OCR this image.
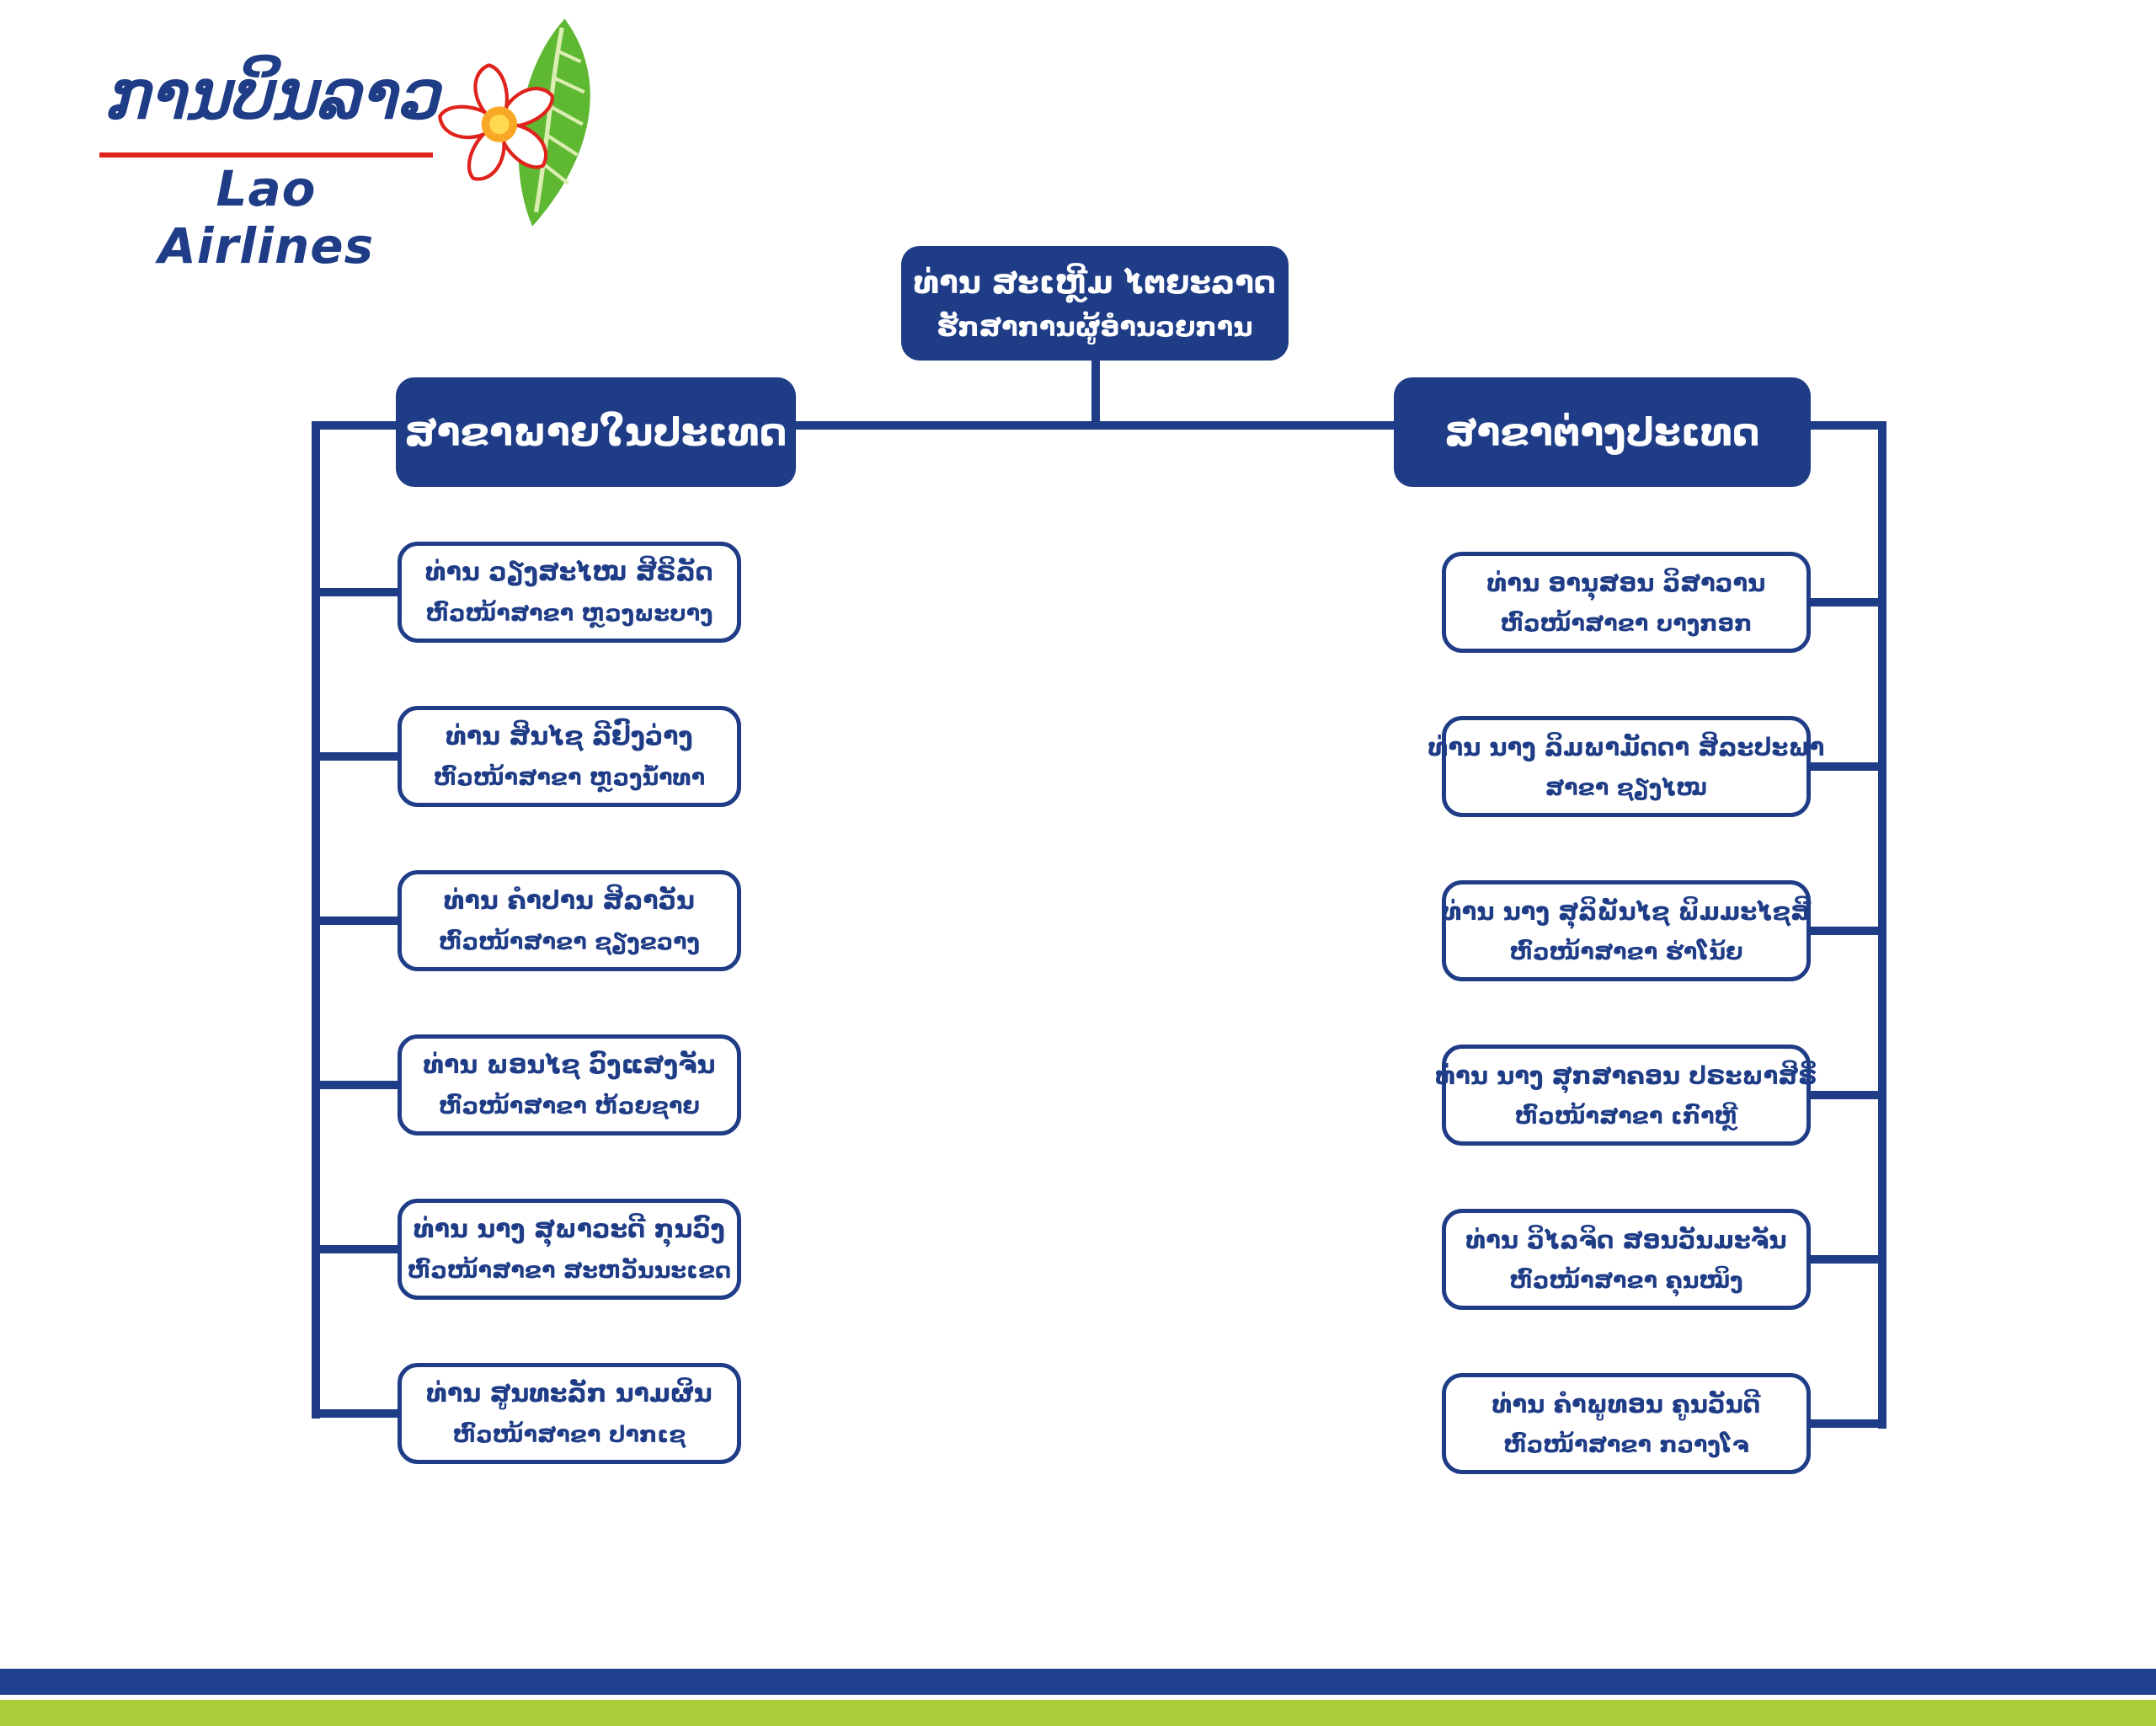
ການບິນລາວ
Lao Airlines
ທ່ານ ສະເຫຼີມ ໄຕຍະລາດ
ຮັກສາການຜູ້ອຳນວຍການ
ສາຂາພາຍໃນປະເທດ	ສາຂາຕ່າງປະເທດ
ທ່ານ ວຽງສະໄໝ ສີຣິລັດ
ຫົວໜ້າສາຂາ ຫຼວງພະບາງ
ທ່ານ ສິນໄຊ ລີຢົງວ່າງ
ຫົວໜ້າສາຂາ ຫຼວງນໍ້າທາ
ທ່ານ ຄຳປານ ສິລາວັນ
ຫົວໜ້າສາຂາ ຊຽງຂວາງ
ທ່ານ ພອນໄຊ ວົງແສງຈັນ
ຫົວໜ້າສາຂາ ຫ້ວຍຊາຍ
ທ່ານ ນາງ ສຸພາວະດີ ກຸນວົງ
ຫົວໜ້າສາຂາ ສະຫວັນນະເຂດ
ທ່ານ ສູນທະລັກ ນາມຜິນ
ຫົວໜ້າສາຂາ ປາກເຊ
ທ່ານ ອານຸສອນ ວິສາວານ
ຫົວໜ້າສາຂາ ບາງກອກ
ທ່ານ ນາງ ລິມພາມັດດາ ສິລະປະພາ
ສາຂາ ຊຽງໄໝ
ທ່ານ ນາງ ສຸລິພັນໄຊ ພິມມະໄຊສີ
ຫົວໜ້າສາຂາ ຮ່າໂນ້ຍ
ທ່ານ ນາງ ສຸກສາຄອນ ປຣະພາສິຣິ
ຫົວໜ້າສາຂາ ເກົາຫຼີ
ທ່ານ ວິໄລຈິດ ສອນວັນມະຈັນ
ຫົວໜ້າສາຂາ ຄຸນໝິງ
ທ່ານ ຄຳພູທອນ ຄູນວັນດີ
ຫົວໜ້າສາຂາ ກວາງໂຈ
